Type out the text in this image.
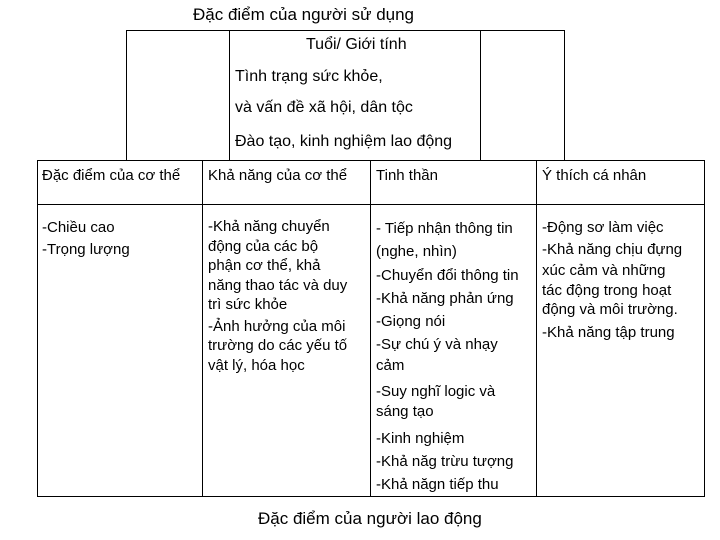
Đặc điểm của người sử dụng
Tuổi/ Giới tính
Tình trạng sức khỏe,
và vấn đề xã hội, dân tộc
Đào tạo, kinh nghiệm lao động
Đặc điểm của cơ thể Khả năng của cơ thể Tinh thần	Ý thích cá nhân
-Chiều cao
-Trọng lượng
-Khả năng chuyển
động của các bộ
phận cơ thể, khả
năng thao tác và duy
trì sức khỏe
-Ảnh hưởng của môi
trường do các yếu tố
vật lý, hóa học
- Tiếp nhận thông tin
(nghe, nhìn)
-Chuyển đổi thông tin
-Khả năng phản ứng
-Giọng nói
-Sự chú ý và nhạy
cảm
-Suy nghĩ logic và
sáng tạo
-Kinh nghiệm
-Khả năg trừu tượng
-Khả năgn tiếp thu
-Động sơ làm việc
-Khả năng chịu đựng
xúc cảm và những
tác động trong hoạt
động và môi trường.
-Khả năng tập trung
Đặc điểm của người lao động
